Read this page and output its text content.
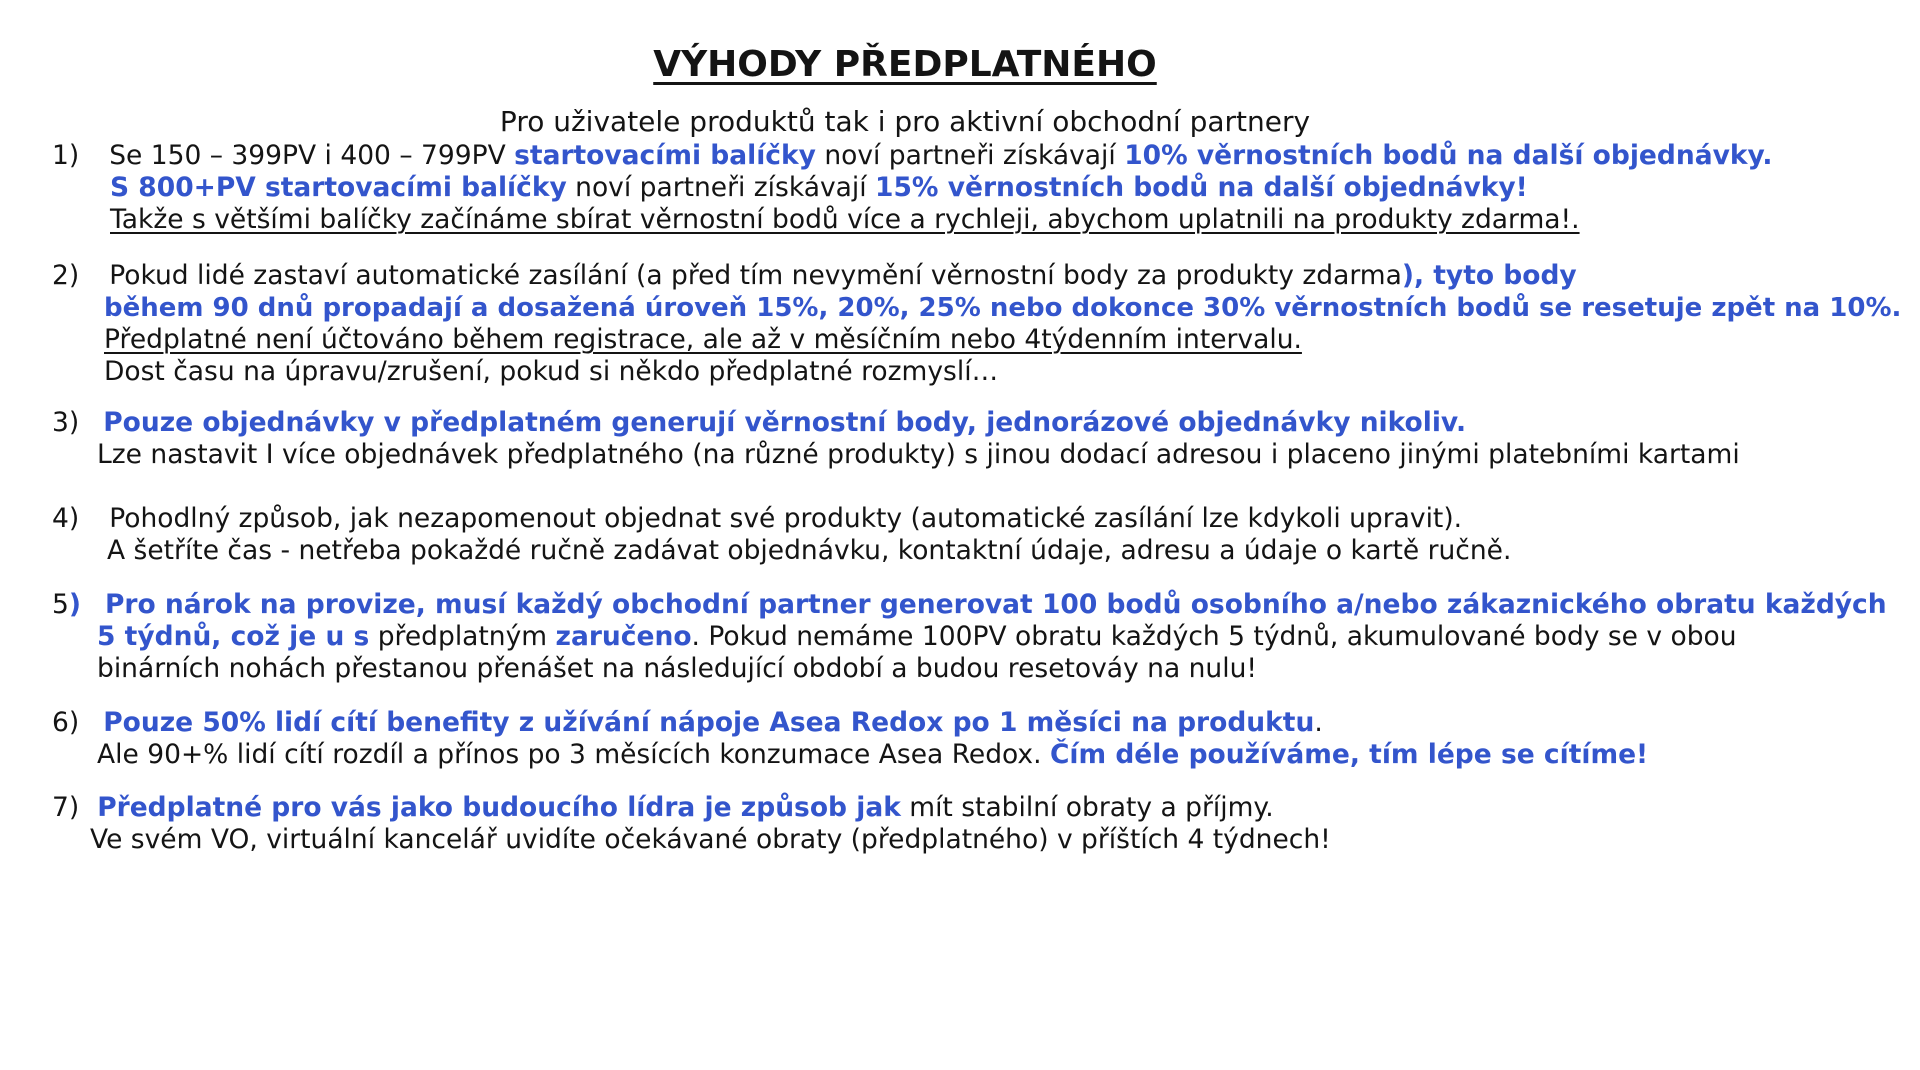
VÝHODY PŘEDPLATNÉHO
Pro uživatele produktů tak i pro aktivní obchodní partnery
1) Se 150 – 399PV i 400 – 799PV startovacími balíčky noví partneři získávají 10% věrnostních bodů na další objednávky.
S 800+PV startovacími balíčky noví partneři získávají 15% věrnostních bodů na další objednávky!
Takže s většími balíčky začínáme sbírat věrnostní bodů více a rychleji, abychom uplatnili na produkty zdarma!.
2) Pokud lidé zastaví automatické zasílání (a před tím nevymění věrnostní body za produkty zdarma), tyto body
během 90 dnů propadají a dosažená úroveň 15%, 20%, 25% nebo dokonce 30% věrnostních bodů se resetuje zpět na 10%.
Předplatné není účtováno během registrace, ale až v měsíčním nebo 4týdenním intervalu.
Dost času na úpravu/zrušení, pokud si někdo předplatné rozmyslí…
3) Pouze objednávky v předplatném generují věrnostní body, jednorázové objednávky nikoliv.
Lze nastavit I více objednávek předplatného (na různé produkty) s jinou dodací adresou i placeno jinými platebními kartami
4) Pohodlný způsob, jak nezapomenout objednat své produkty (automatické zasílání lze kdykoli upravit).
A šetříte čas - netřeba pokaždé ručně zadávat objednávku, kontaktní údaje, adresu a údaje o kartě ručně.
5) Pro nárok na provize, musí každý obchodní partner generovat 100 bodů osobního a/nebo zákaznického obratu každých
5 týdnů, což je u s předplatným zaručeno. Pokud nemáme 100PV obratu každých 5 týdnů, akumulované body se v obou
binárních nohách přestanou přenášet na následující období a budou resetováy na nulu!
6) Pouze 50% lidí cítí benefity z užívání nápoje Asea Redox po 1 měsíci na produktu.
Ale 90+% lidí cítí rozdíl a přínos po 3 měsících konzumace Asea Redox. Čím déle používáme, tím lépe se cítíme!
7) Předplatné pro vás jako budoucího lídra je způsob jak mít stabilní obraty a příjmy.
Ve svém VO, virtuální kancelář uvidíte očekávané obraty (předplatného) v příštích 4 týdnech!
